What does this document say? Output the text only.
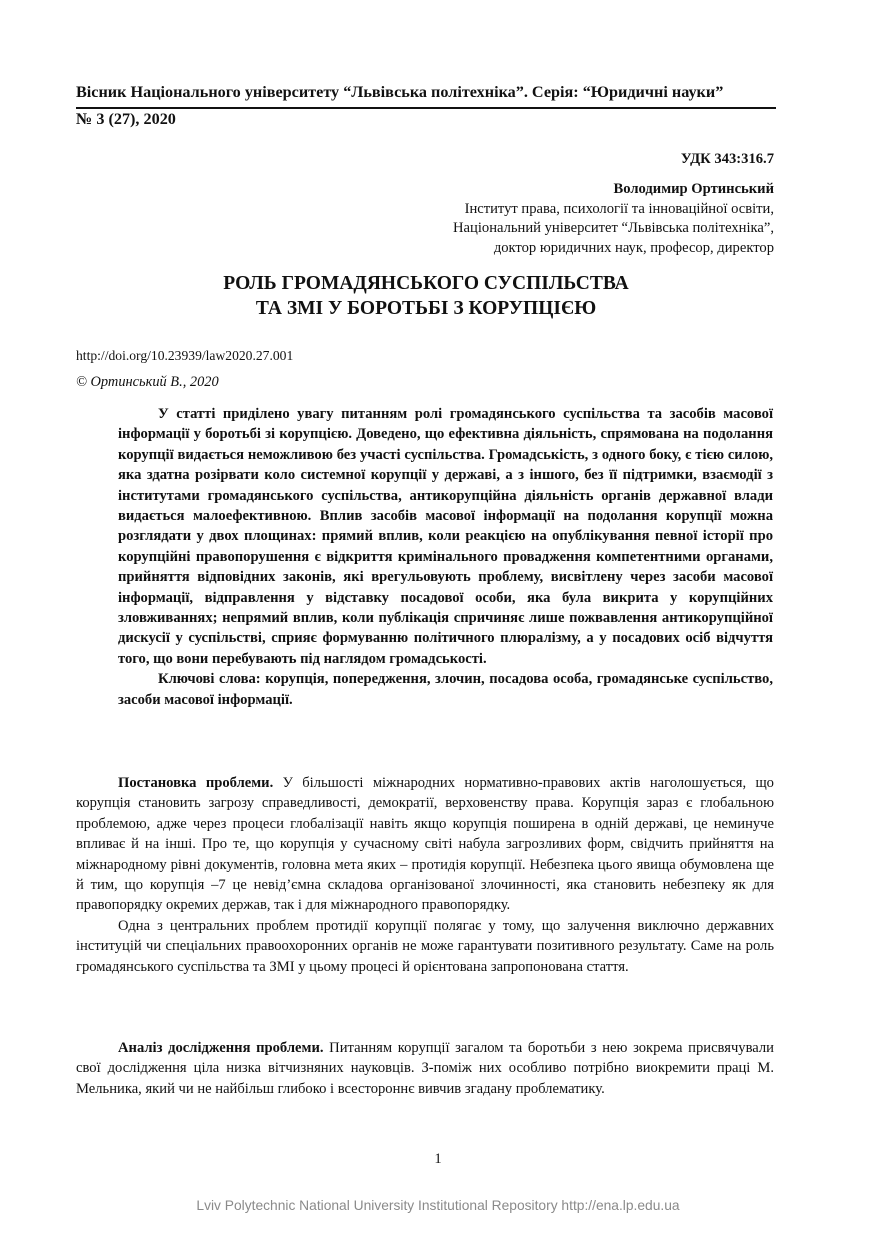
Вісник Національного університету “Львівська політехніка”. Серія: “Юридичні науки”
№ 3 (27), 2020
УДК 343:316.7
Володимир Ортинський
Інститут права, психології та інноваційної освіти,
Національний університет “Львівська політехніка”,
доктор юридичних наук, професор, директор
РОЛЬ ГРОМАДЯНСЬКОГО СУСПІЛЬСТВА
ТА ЗМІ У БОРОТЬБІ З КОРУПЦІЄЮ
http://doi.org/10.23939/law2020.27.001
© Ортинський В., 2020

У статті приділено увагу питанням ролі громадянського суспільства та засобів масової інформації у боротьбі зі корупцією. Доведено, що ефективна діяльність, спрямована на подолання корупції видається неможливою без участі суспільства. Громадськість, з одного боку, є тією силою, яка здатна розірвати коло системної корупції у державі, а з іншого, без її підтримки, взаємодії з інститутами громадянського суспільства, антикорупційна діяльність органів державної влади видається малоефективною. Вплив засобів масової інформації на подолання корупції можна розглядати у двох площинах: прямий вплив, коли реакцією на опублікування певної історії про корупційні правопорушення є відкриття кримінального провадження компетентними органами, прийняття відповідних законів, які врегульовують проблему, висвітлену через засоби масової інформації, відправлення у відставку посадової особи, яка була викрита у корупційних зловживаннях; непрямий вплив, коли публікація спричиняє лише пожвавлення антикорупційної дискусії у суспільстві, сприяє формуванню політичного плюралізму, а у посадових осіб відчуття того, що вони перебувають під наглядом громадськості.

Ключові слова: корупція, попередження, злочин, посадова особа, громадянське суспільство, засоби масової інформації.

Постановка проблеми. У більшості міжнародних нормативно-правових актів наголошується, що корупція становить загрозу справедливості, демократії, верховенству права. Корупція зараз є глобальною проблемою, адже через процеси глобалізації навіть якщо корупція поширена в одній державі, це неминуче впливає й на інші. Про те, що корупція у сучасному світі набула загрозливих форм, свідчить прийняття на міжнародному рівні документів, головна мета яких – протидія корупції. Небезпека цього явища обумовлена ще й тим, що корупція –7 це невід’ємна складова організованої злочинності, яка становить небезпеку як для правопорядку окремих держав, так і для міжнародного правопорядку.

Одна з центральних проблем протидії корупції полягає у тому, що залучення виключно державних інституцій чи спеціальних правоохоронних органів не може гарантувати позитивного результату. Саме на роль громадянського суспільства та ЗМІ у цьому процесі й орієнтована запропонована стаття.

Аналіз дослідження проблеми. Питанням корупції загалом та боротьби з нею зокрема присвячували свої дослідження ціла низка вітчизняних науковців. З-поміж них особливо потрібно виокремити праці М. Мельника, який чи не найбільш глибоко і всестороннє вивчив згадану проблематику.

1
Lviv Polytechnic National University Institutional Repository http://ena.lp.edu.ua
